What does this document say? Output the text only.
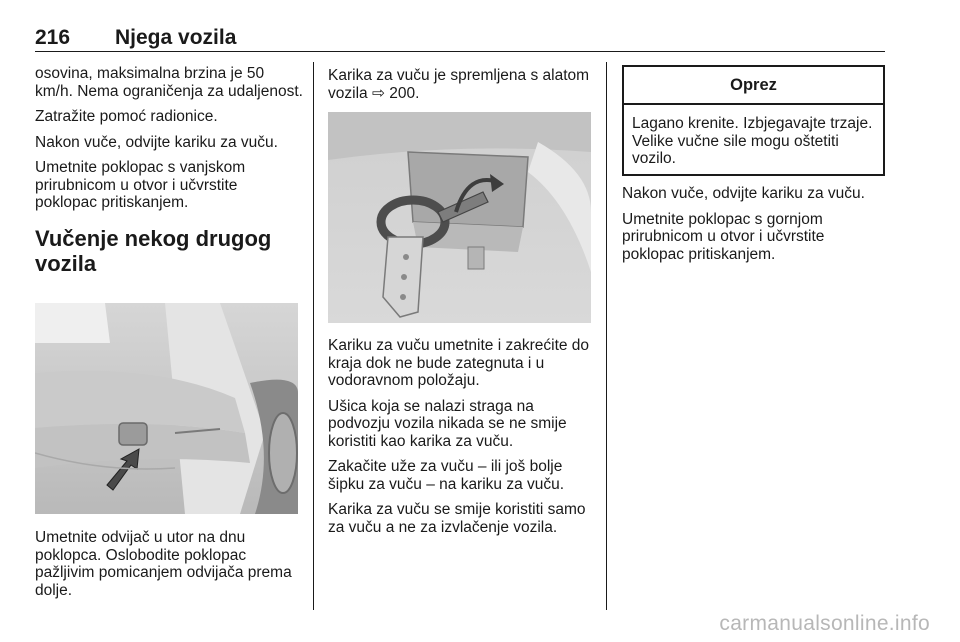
216 Njega vozila

osovina, maksimalna brzina je 50 km/h. Nema ograničenja za udaljenost.

Zatražite pomoć radionice.

Nakon vuče, odvijte kariku za vuču.

Umetnite poklopac s vanjskom prirubnicom u otvor i učvrstite poklopac pritiskanjem.

Vučenje nekog drugog vozila
Umetnite odvijač u utor na dnu poklopca. Oslobodite poklopac pažljivim pomicanjem odvijača prema dolje.

Karika za vuču je spremljena s alatom vozila ⇨ 200.

Kariku za vuču umetnite i zakrećite do kraja dok ne bude zategnuta i u vodoravnom položaju.

Ušica koja se nalazi straga na podvozju vozila nikada se ne smije koristiti kao karika za vuču.

Zakačite uže za vuču – ili još bolje šipku za vuču – na kariku za vuču.

Karika za vuču se smije koristiti samo za vuču a ne za izvlačenje vozila.

Oprez
Lagano krenite. Izbjegavajte trzaje. Velike vučne sile mogu oštetiti vozilo.

Nakon vuče, odvijte kariku za vuču.

Umetnite poklopac s gornjom prirubnicom u otvor i učvrstite poklopac pritiskanjem.

carmanualsonline.info
